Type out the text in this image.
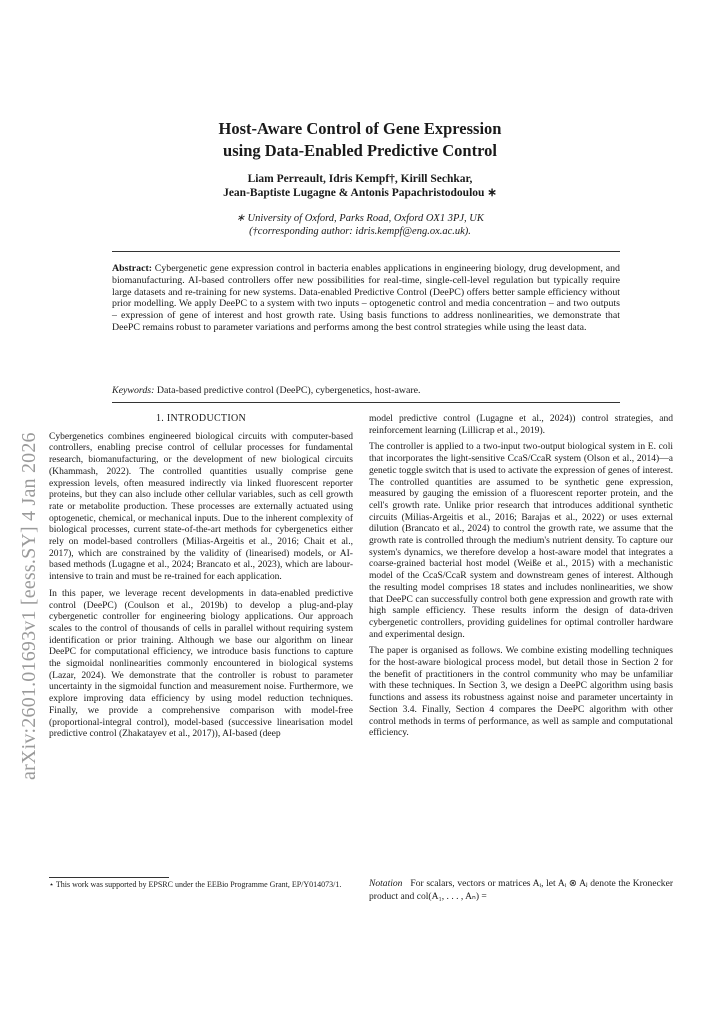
arXiv:2601.01693v1 [eess.SY] 4 Jan 2026
Host-Aware Control of Gene Expression
using Data-Enabled Predictive Control
Liam Perreault, Idris Kempf†, Kirill Sechkar,
Jean-Baptiste Lugagne & Antonis Papachristodoulou ∗
∗ University of Oxford, Parks Road, Oxford OX1 3PJ, UK
(†corresponding author: idris.kempf@eng.ox.ac.uk).
Abstract: Cybergenetic gene expression control in bacteria enables applications in engineering biology, drug development, and biomanufacturing. AI-based controllers offer new possibilities for real-time, single-cell-level regulation but typically require large datasets and re-training for new systems. Data-enabled Predictive Control (DeePC) offers better sample efficiency without prior modelling. We apply DeePC to a system with two inputs – optogenetic control and media concentration – and two outputs – expression of gene of interest and host growth rate. Using basis functions to address nonlinearities, we demonstrate that DeePC remains robust to parameter variations and performs among the best control strategies while using the least data.
Keywords: Data-based predictive control (DeePC), cybergenetics, host-aware.
1. INTRODUCTION

Cybergenetics combines engineered biological circuits with computer-based controllers, enabling precise control of cellular processes for fundamental research, biomanufacturing, or the development of new biological circuits (Khammash, 2022). The controlled quantities usually comprise gene expression levels, often measured indirectly via linked fluorescent reporter proteins, but they can also include other cellular variables, such as cell growth rate or metabolite production. These processes are externally actuated using optogenetic, chemical, or mechanical inputs. Due to the inherent complexity of biological processes, current state-of-the-art methods for cybergenetics either rely on model-based controllers (Milias-Argeitis et al., 2016; Chait et al., 2017), which are constrained by the validity of (linearised) models, or AI-based methods (Lugagne et al., 2024; Brancato et al., 2023), which are labour-intensive to train and must be re-trained for each application.

In this paper, we leverage recent developments in data-enabled predictive control (DeePC) (Coulson et al., 2019b) to develop a plug-and-play cybergenetic controller for engineering biology applications. Our approach scales to the control of thousands of cells in parallel without requiring system identification or prior training. Although we base our algorithm on linear DeePC for computational efficiency, we introduce basis functions to capture the sigmoidal nonlinearities commonly encountered in biological systems (Lazar, 2024). We demonstrate that the controller is robust to parameter uncertainty in the sigmoidal function and measurement noise. Furthermore, we explore improving data efficiency by using model reduction techniques. Finally, we provide a comprehensive comparison with model-free (proportional-integral control), model-based (successive linearisation model predictive control (Zhakatayev et al., 2017)), AI-based (deep

model predictive control (Lugagne et al., 2024)) control strategies, and reinforcement learning (Lillicrap et al., 2019).

The controller is applied to a two-input two-output biological system in E. coli that incorporates the light-sensitive CcaS/CcaR system (Olson et al., 2014)—a genetic toggle switch that is used to activate the expression of genes of interest. The controlled quantities are assumed to be synthetic gene expression, measured by gauging the emission of a fluorescent reporter protein, and the cell's growth rate. Unlike prior research that introduces additional synthetic circuits (Milias-Argeitis et al., 2016; Barajas et al., 2022) or uses external dilution (Brancato et al., 2024) to control the growth rate, we assume that the growth rate is controlled through the medium's nutrient density. To capture our system's dynamics, we therefore develop a host-aware model that integrates a coarse-grained bacterial host model (Weiße et al., 2015) with a mechanistic model of the CcaS/CcaR system and downstream genes of interest. Although the resulting model comprises 18 states and includes nonlinearities, we show that DeePC can successfully control both gene expression and growth rate with high sample efficiency. These results inform the design of data-driven cybergenetic controllers, providing guidelines for optimal controller hardware and experimental design.

The paper is organised as follows. We combine existing modelling techniques for the host-aware biological process model, but detail those in Section 2 for the benefit of practitioners in the control community who may be unfamiliar with these techniques. In Section 3, we design a DeePC algorithm using basis functions and assess its robustness against noise and parameter uncertainty in Section 3.4. Finally, Section 4 compares the DeePC algorithm with other control methods in terms of performance, as well as sample and computational efficiency.

⋆ This work was supported by EPSRC under the EEBio Programme Grant, EP/Y014073/1.	Notation For scalars, vectors or matrices Aᵢ, let Aᵢ ⊗ Aⱼ denote the Kronecker product and col(A₁, . . . , Aₙ) =
